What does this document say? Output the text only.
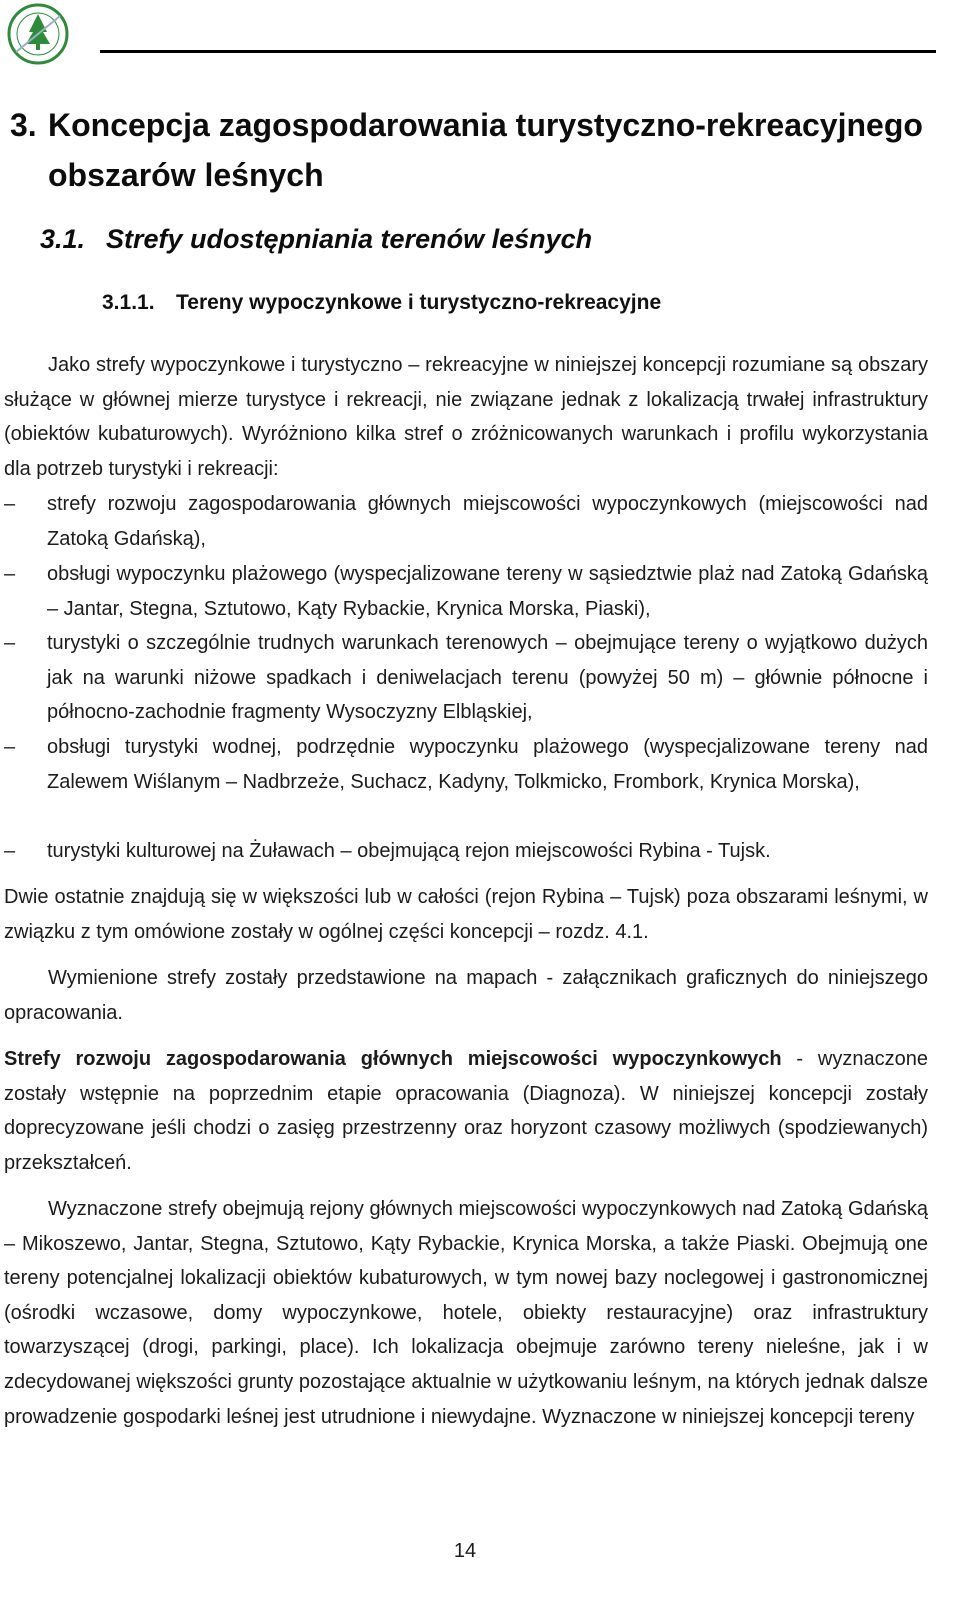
3. Koncepcja zagospodarowania turystyczno-rekreacyjnego
obszarów leśnych
3.1. Strefy udostępniania terenów leśnych
3.1.1. Tereny wypoczynkowe i turystyczno-rekreacyjne

Jako strefy wypoczynkowe i turystyczno – rekreacyjne w niniejszej koncepcji rozumiane są obszary służące w głównej mierze turystyce i rekreacji, nie związane jednak z lokalizacją trwałej infrastruktury (obiektów kubaturowych). Wyróżniono kilka stref o zróżnicowanych warunkach i profilu wykorzystania dla potrzeb turystyki i rekreacji:

– strefy rozwoju zagospodarowania głównych miejscowości wypoczynkowych (miejscowości nad Zatoką Gdańską),

– obsługi wypoczynku plażowego (wyspecjalizowane tereny w sąsiedztwie plaż nad Zatoką Gdańską – Jantar, Stegna, Sztutowo, Kąty Rybackie, Krynica Morska, Piaski),

– turystyki o szczególnie trudnych warunkach terenowych – obejmujące tereny o wyjątkowo dużych jak na warunki niżowe spadkach i deniwelacjach terenu (powyżej 50 m) – głównie północne i północno-zachodnie fragmenty Wysoczyzny Elbląskiej,

– obsługi turystyki wodnej, podrzędnie wypoczynku plażowego (wyspecjalizowane tereny nad Zalewem Wiślanym – Nadbrzeże, Suchacz, Kadyny, Tolkmicko, Frombork, Krynica Morska),

– turystyki kulturowej na Żuławach – obejmującą rejon miejscowości Rybina - Tujsk.

Dwie ostatnie znajdują się w większości lub w całości (rejon Rybina – Tujsk) poza obszarami leśnymi, w związku z tym omówione zostały w ogólnej części koncepcji – rozdz. 4.1.

Wymienione strefy zostały przedstawione na mapach - załącznikach graficznych do niniejszego opracowania.

Strefy rozwoju zagospodarowania głównych miejscowości wypoczynkowych - wyznaczone zostały wstępnie na poprzednim etapie opracowania (Diagnoza). W niniejszej koncepcji zostały doprecyzowane jeśli chodzi o zasięg przestrzenny oraz horyzont czasowy możliwych (spodziewanych) przekształceń.

Wyznaczone strefy obejmują rejony głównych miejscowości wypoczynkowych nad Zatoką Gdańską – Mikoszewo, Jantar, Stegna, Sztutowo, Kąty Rybackie, Krynica Morska, a także Piaski. Obejmują one tereny potencjalnej lokalizacji obiektów kubaturowych, w tym nowej bazy noclegowej i gastronomicznej (ośrodki wczasowe, domy wypoczynkowe, hotele, obiekty restauracyjne) oraz infrastruktury towarzyszącej (drogi, parkingi, place). Ich lokalizacja obejmuje zarówno tereny nieleśne, jak i w zdecydowanej większości grunty pozostające aktualnie w użytkowaniu leśnym, na których jednak dalsze prowadzenie gospodarki leśnej jest utrudnione i niewydajne. Wyznaczone w niniejszej koncepcji tereny

14
